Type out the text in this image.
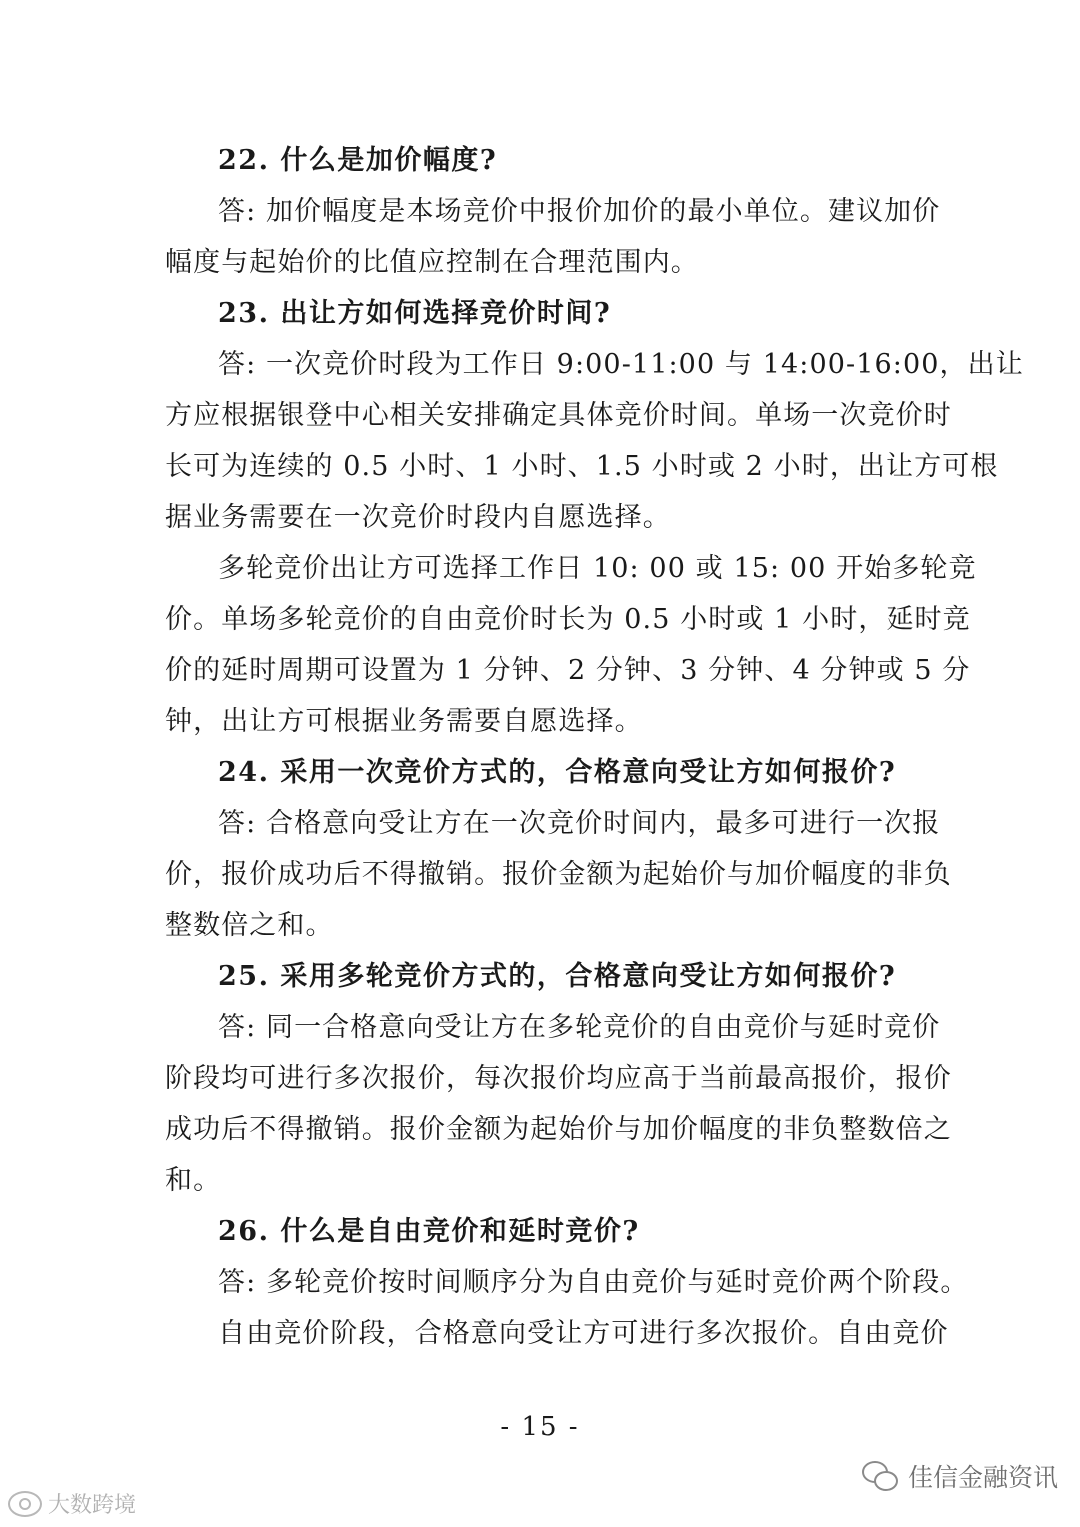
22. 什么是加价幅度?
答: 加价幅度是本场竞价中报价加价的最小单位。建议加价
幅度与起始价的比值应控制在合理范围内。
23. 出让方如何选择竞价时间?
答: 一次竞价时段为工作日 9:00-11:00 与 14:00-16:00，出让
方应根据银登中心相关安排确定具体竞价时间。单场一次竞价时
长可为连续的 0.5 小时、1 小时、1.5 小时或 2 小时，出让方可根
据业务需要在一次竞价时段内自愿选择。
多轮竞价出让方可选择工作日 10: 00 或 15: 00 开始多轮竞
价。单场多轮竞价的自由竞价时长为 0.5 小时或 1 小时，延时竞
价的延时周期可设置为 1 分钟、2 分钟、3 分钟、4 分钟或 5 分
钟，出让方可根据业务需要自愿选择。
24. 采用一次竞价方式的，合格意向受让方如何报价?
答: 合格意向受让方在一次竞价时间内，最多可进行一次报
价，报价成功后不得撤销。报价金额为起始价与加价幅度的非负
整数倍之和。
25. 采用多轮竞价方式的，合格意向受让方如何报价?
答: 同一合格意向受让方在多轮竞价的自由竞价与延时竞价
阶段均可进行多次报价，每次报价均应高于当前最高报价，报价
成功后不得撤销。报价金额为起始价与加价幅度的非负整数倍之
和。
26. 什么是自由竞价和延时竞价?
答: 多轮竞价按时间顺序分为自由竞价与延时竞价两个阶段。
自由竞价阶段，合格意向受让方可进行多次报价。自由竞价
- 15 -
佳信金融资讯
大数跨境
